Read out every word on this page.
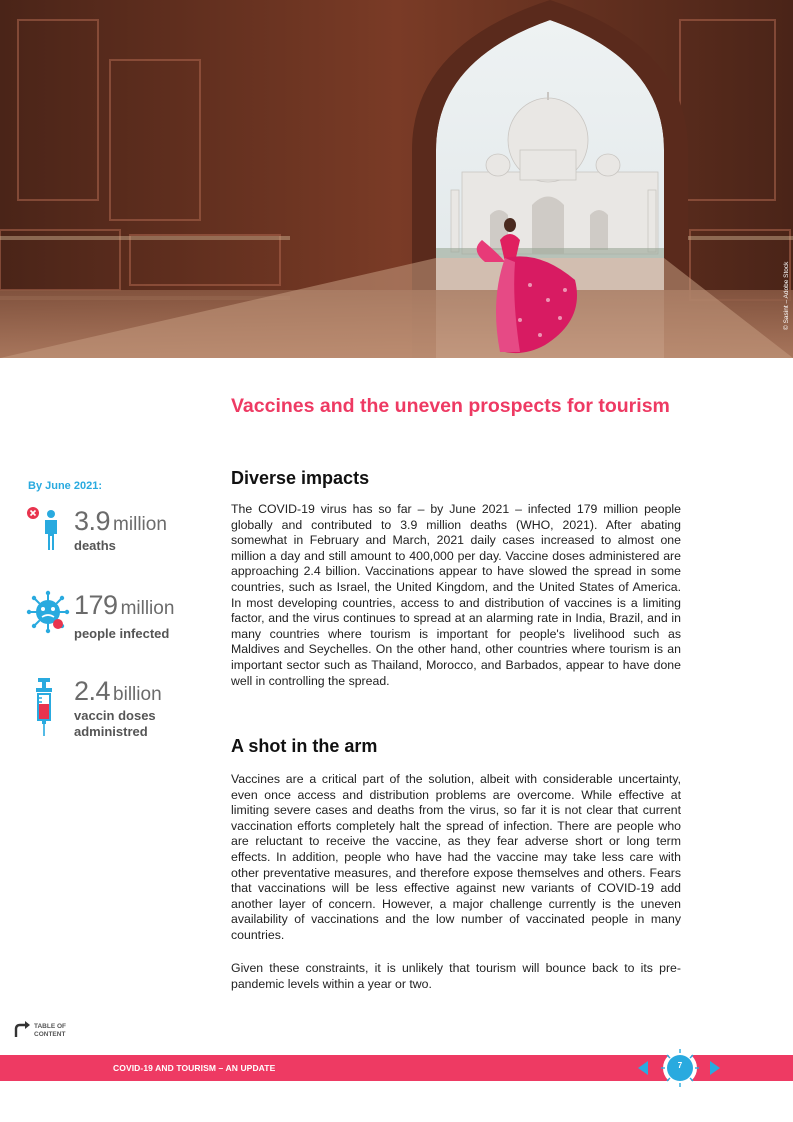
© Sasint – Adobe Stock
Vaccines and the uneven prospects for tourism
Diverse impacts

The COVID-19 virus has so far – by June 2021 – infected 179 million people globally and contributed to 3.9 million deaths (WHO, 2021). After abating somewhat in February and March, 2021 daily cases increased to almost one million a day and still amount to 400,000 per day. Vaccine doses administered are approaching 2.4 billion. Vaccinations appear to have slowed the spread in some countries, such as Israel, the United Kingdom, and the United States of America. In most developing countries, access to and distribution of vaccines is a limiting factor, and the virus continues to spread at an alarming rate in India, Brazil, and in many countries where tourism is important for people's livelihood such as Maldives and Seychelles. On the other hand, other countries where tourism is an important sector such as Thailand, Morocco, and Barbados, appear to have done well in controlling the spread.

A shot in the arm

Vaccines are a critical part of the solution, albeit with considerable uncertainty, even once access and distribution problems are overcome. While effective at limiting severe cases and deaths from the virus, so far it is not clear that current vaccination efforts completely halt the spread of infection. There are people who are reluctant to receive the vaccine, as they fear adverse short or long term effects. In addition, people who have had the vaccine may take less care with other preventative measures, and therefore expose themselves and others. Fears that vaccinations will be less effective against new variants of COVID-19 add another layer of concern. However, a major challenge currently is the uneven availability of vaccinations and the low number of vaccinated people in many countries.

Given these constraints, it is unlikely that tourism will bounce back to its pre-pandemic levels within a year or two.

By June 2021:

3.9 million
deaths
179 million
people infected
2.4 billion
vaccin doses administred
TABLE OF
CONTENT
COVID-19 AND TOURISM – AN UPDATE	7
